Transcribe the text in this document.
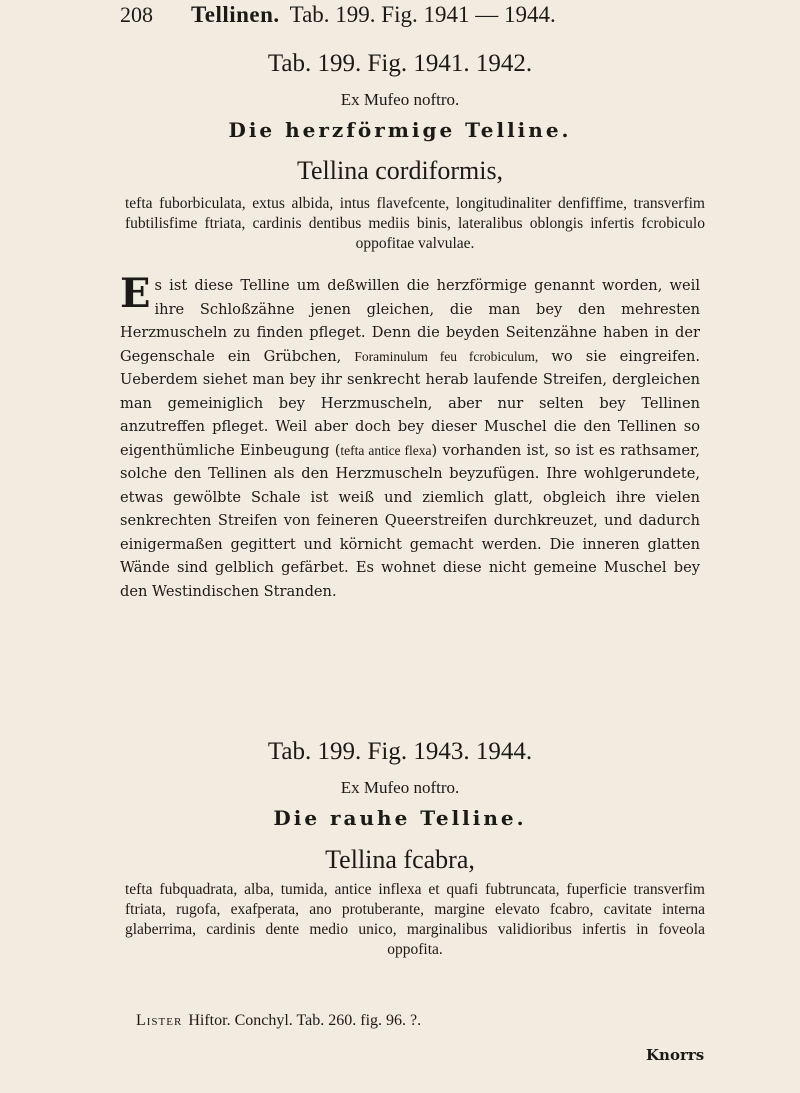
208 Tellinen. Tab. 199. Fig. 1941 — 1944.
Tab. 199. Fig. 1941. 1942.
Ex Mufeo noftro.
Die herzförmige Telline.
Tellina cordiformis,
tefta fuborbiculata, extus albida, intus flavefcente, longitudinaliter denfiffime, transverfim fubtilisfime ftriata, cardinis dentibus mediis binis, lateralibus oblongis infertis fcrobiculo oppofitae valvulae.
Es ist diese Telline um deßwillen die herzförmige genannt worden, weil ihre Schloßzähne jenen gleichen, die man bey den mehresten Herzmuscheln zu finden pfleget. Denn die beyden Seitenzähne haben in der Gegenschale ein Grübchen, Foraminulum feu fcrobiculum, wo sie eingreifen. Ueberdem siehet man bey ihr senkrecht herab laufende Streifen, dergleichen man gemeiniglich bey Herzmuscheln, aber nur selten bey Tellinen anzutreffen pfleget. Weil aber doch bey dieser Muschel die den Tellinen so eigenthümliche Einbeugung (tefta antice flexa) vorhanden ist, so ist es rathsamer, solche den Tellinen als den Herzmuscheln beyzufügen. Ihre wohlgerundete, etwas gewölbte Schale ist weiß und ziemlich glatt, obgleich ihre vielen senkrechten Streifen von feineren Queerstreifen durchkreuzet, und dadurch einigermaßen gegittert und körnicht gemacht werden. Die inneren glatten Wände sind gelblich gefärbet. Es wohnet diese nicht gemeine Muschel bey den Westindischen Stranden.
Tab. 199. Fig. 1943. 1944.
Ex Mufeo noftro.
Die rauhe Telline.
Tellina fcabra,
tefta fubquadrata, alba, tumida, antice inflexa et quafi fubtruncata, fuperficie transverfim ftriata, rugofa, exafperata, ano protuberante, margine elevato fcabro, cavitate interna glaberrima, cardinis dente medio unico, marginalibus validioribus infertis in foveola oppofita.
Lister Hiftor. Conchyl. Tab. 260. fig. 96. ?.
Knorrs
